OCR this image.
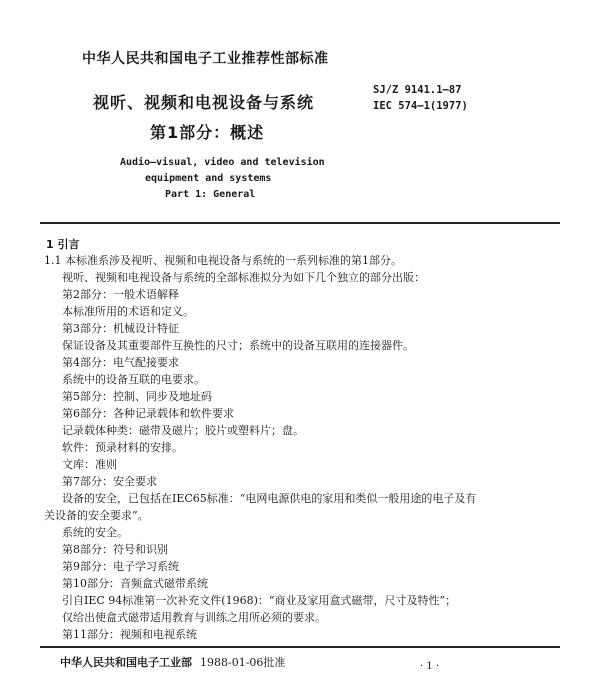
中华人民共和国电子工业推荐性部标准
SJ/Z 9141.1—87
IEC 574—1(1977)
视听、视频和电视设备与系统
第1部分：概述
Audio—visual, video and television
equipment and systems
Part 1: General
1 引言
1.1 本标准系涉及视听、视频和电视设备与系统的一系列标准的第1部分。
视听、视频和电视设备与系统的全部标准拟分为如下几个独立的部分出版：
第2部分：一般术语解释
本标准所用的术语和定义。
第3部分：机械设计特征
保证设备及其重要部件互换性的尺寸；系统中的设备互联用的连接器件。
第4部分：电气配接要求
系统中的设备互联的电要求。
第5部分：控制、同步及地址码
第6部分：各种记录载体和软件要求
记录载体种类：磁带及磁片；胶片或塑料片；盘。
软件：预录材料的安排。
文库：准则
第7部分：安全要求
设备的安全，已包括在IEC65标准：“电网电源供电的家用和类似一般用途的电子及有
关设备的安全要求”。
系统的安全。
第8部分：符号和识别
第9部分：电子学习系统
第10部分：音频盒式磁带系统
引自IEC 94标准第一次补充文件(1968)：“商业及家用盒式磁带，尺寸及特性”；
仅给出使盒式磁带适用教育与训练之用所必须的要求。
第11部分：视频和电视系统
中华人民共和国电子工业部 1988-01-06批准	· 1 ·
